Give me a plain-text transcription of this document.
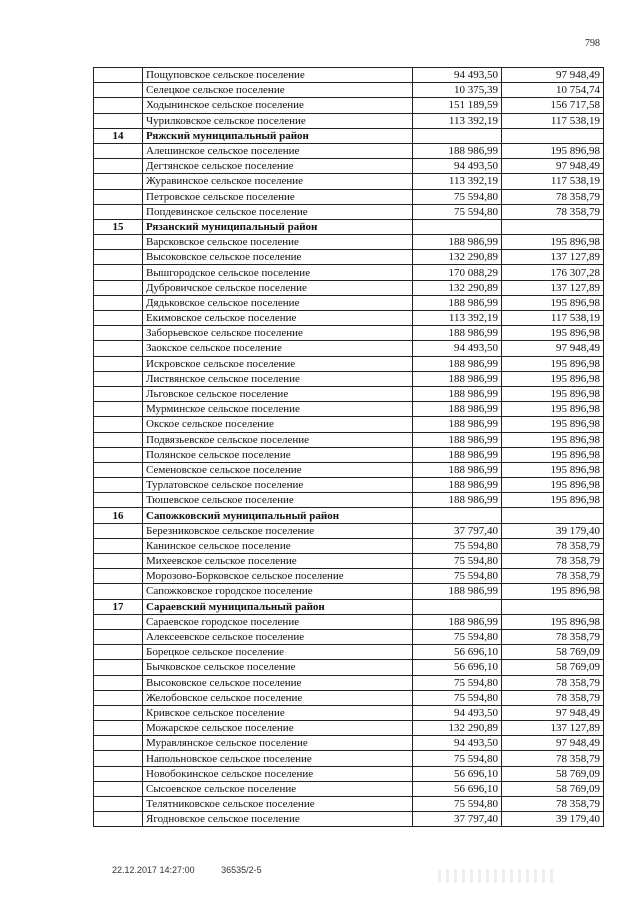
798
	Пощуповское сельское поселение	94 493,50	97 948,49
	Селецкое сельское поселение	10 375,39	10 754,74
	Ходынинское сельское поселение	151 189,59	156 717,58
	Чурилковское сельское поселение	113 392,19	117 538,19
14	Ряжский муниципальный район		
	Алешинское сельское поселение	188 986,99	195 896,98
	Дегтянское сельское поселение	94 493,50	97 948,49
	Журавинское сельское поселение	113 392,19	117 538,19
	Петровское сельское поселение	75 594,80	78 358,79
	Попдевинское сельское поселение	75 594,80	78 358,79
15	Рязанский муниципальный район		
	Варсковское сельское поселение	188 986,99	195 896,98
	Высоковское сельское поселение	132 290,89	137 127,89
	Вышгородское сельское поселение	170 088,29	176 307,28
	Дубровичское сельское поселение	132 290,89	137 127,89
	Дядьковское сельское поселение	188 986,99	195 896,98
	Екимовское сельское поселение	113 392,19	117 538,19
	Заборьевское сельское поселение	188 986,99	195 896,98
	Заокское сельское поселение	94 493,50	97 948,49
	Искровское сельское поселение	188 986,99	195 896,98
	Листвянское сельское поселение	188 986,99	195 896,98
	Льговское сельское поселение	188 986,99	195 896,98
	Мурминское сельское поселение	188 986,99	195 896,98
	Окское сельское поселение	188 986,99	195 896,98
	Подвязьевское сельское поселение	188 986,99	195 896,98
	Полянское сельское поселение	188 986,99	195 896,98
	Семеновское сельское поселение	188 986,99	195 896,98
	Турлатовское сельское поселение	188 986,99	195 896,98
	Тюшевское сельское поселение	188 986,99	195 896,98
16	Сапожковский муниципальный район		
	Березниковское сельское поселение	37 797,40	39 179,40
	Канинское сельское поселение	75 594,80	78 358,79
	Михеевское сельское поселение	75 594,80	78 358,79
	Морозово-Борковское сельское поселение	75 594,80	78 358,79
	Сапожковское городское поселение	188 986,99	195 896,98
17	Сараевский муниципальный район		
	Сараевское городское поселение	188 986,99	195 896,98
	Алексеевское сельское поселение	75 594,80	78 358,79
	Борецкое сельское поселение	56 696,10	58 769,09
	Бычковское сельское поселение	56 696,10	58 769,09
	Высоковское сельское поселение	75 594,80	78 358,79
	Желобовское сельское поселение	75 594,80	78 358,79
	Кривское сельское поселение	94 493,50	97 948,49
	Можарское сельское поселение	132 290,89	137 127,89
	Муравлянское сельское поселение	94 493,50	97 948,49
	Напольновское сельское поселение	75 594,80	78 358,79
	Новобокинское сельское поселение	56 696,10	58 769,09
	Сысоевское сельское поселение	56 696,10	58 769,09
	Телятниковское сельское поселение	75 594,80	78 358,79
	Ягодновское сельское поселение	37 797,40	39 179,40
22.12.2017 14:27:00	36535/2-5
